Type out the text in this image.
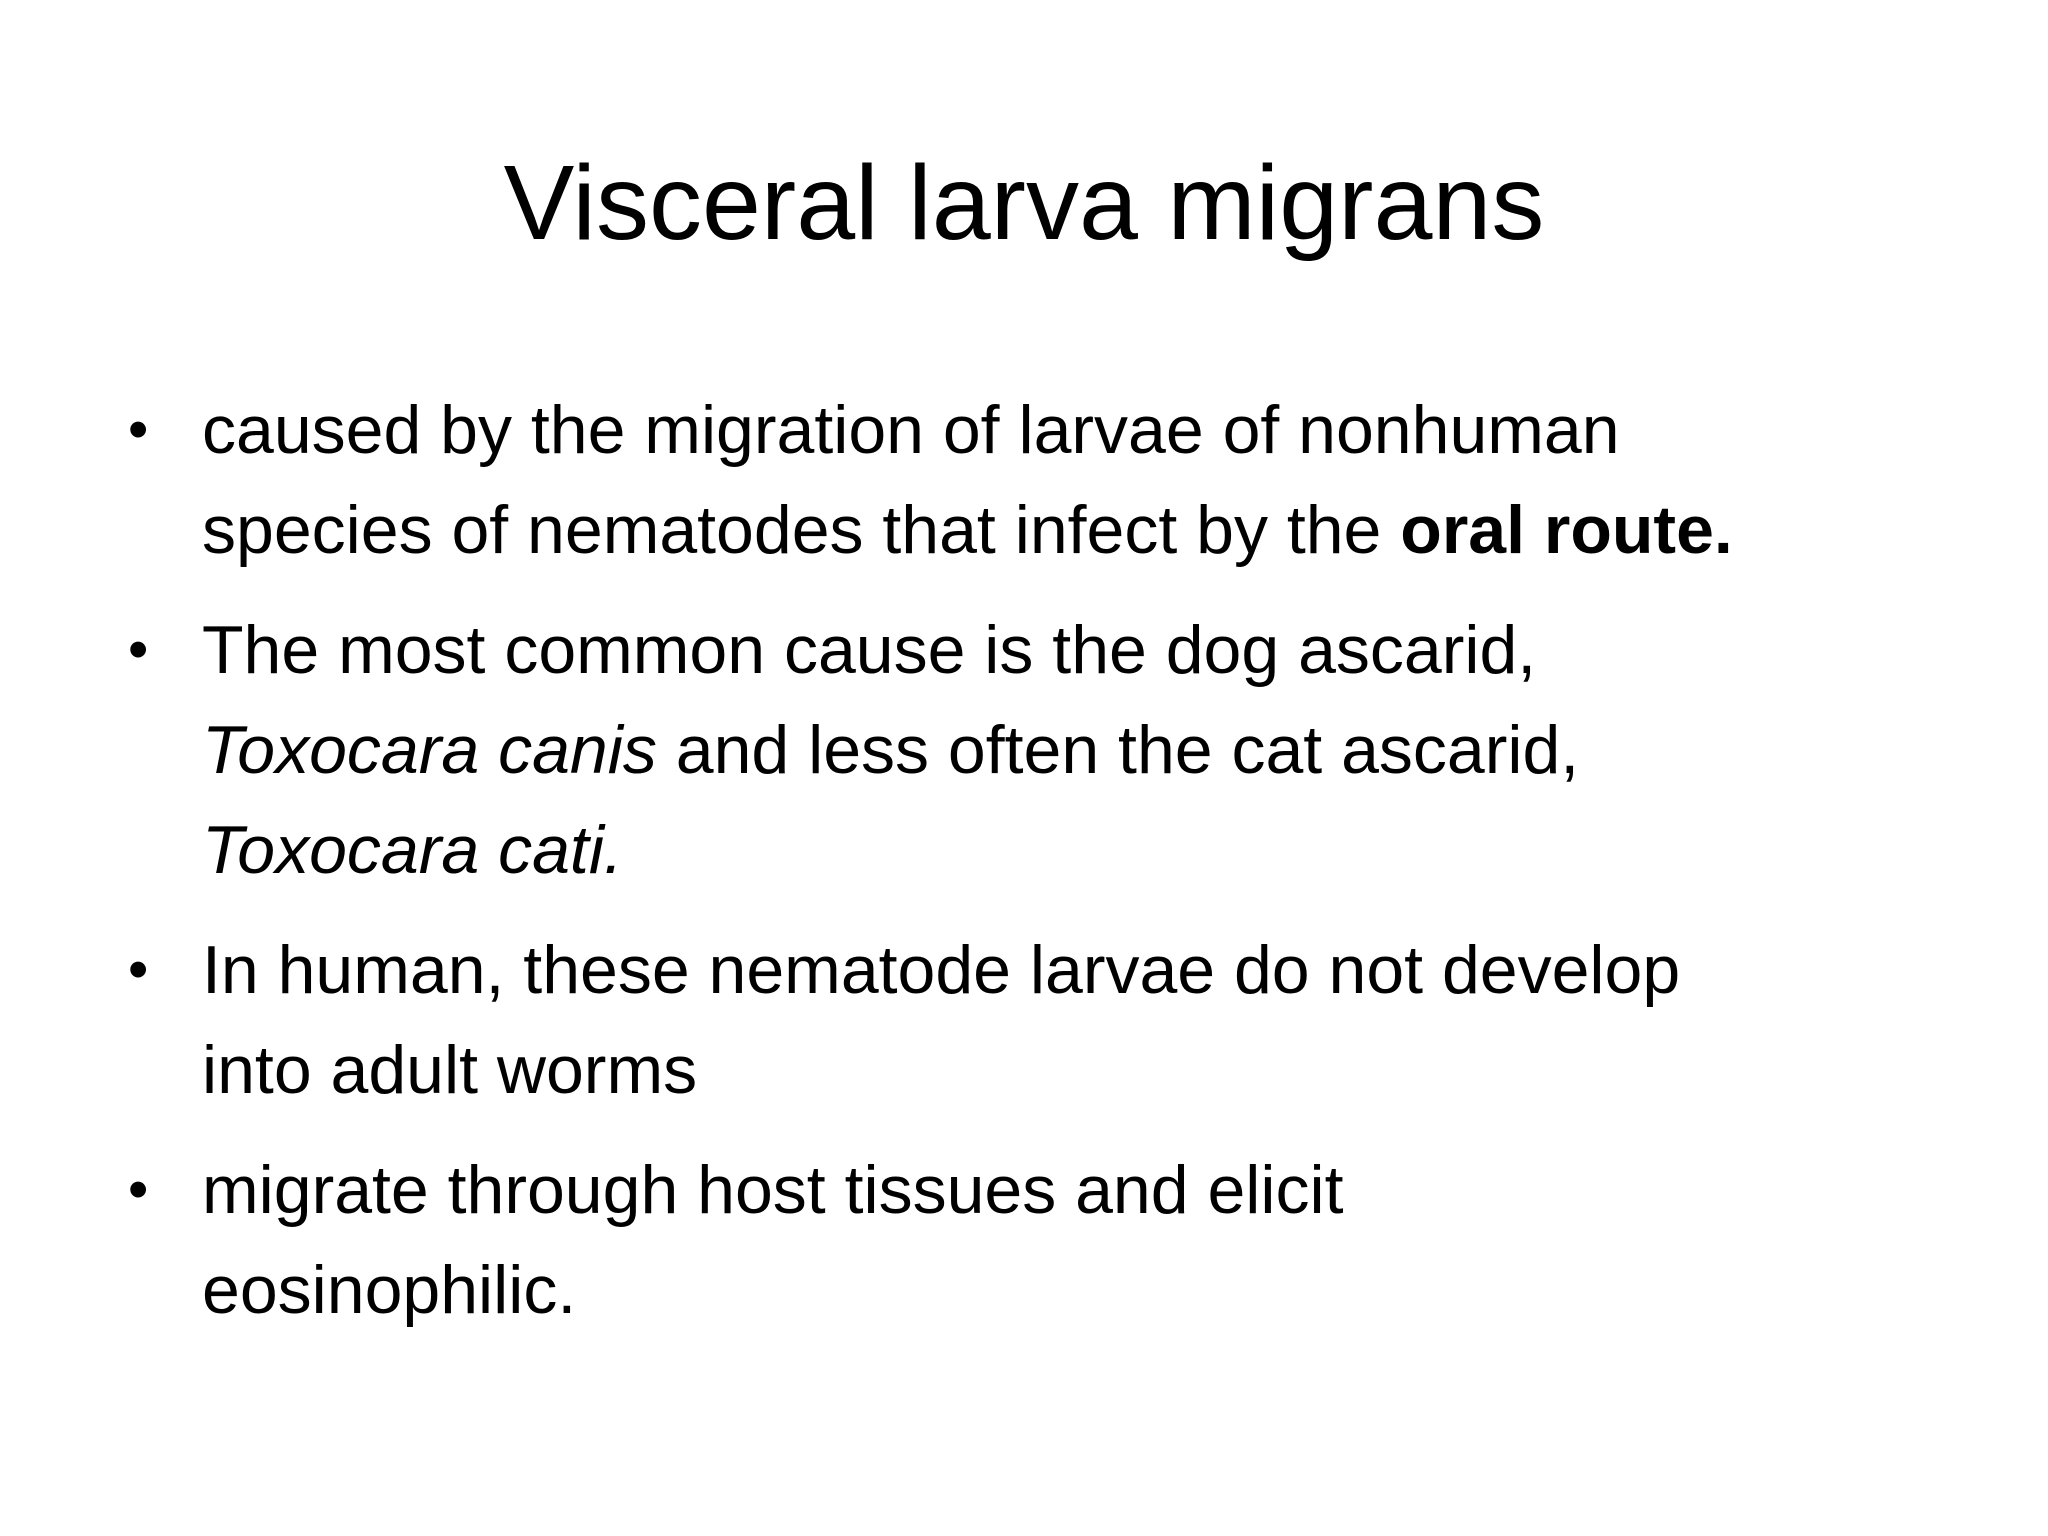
Visceral larva migrans
• caused by the migration of larvae of nonhuman
species of nematodes that infect by the oral route.
• The most common cause is the dog ascarid,
Toxocara canis and less often the cat ascarid,
Toxocara cati.
• In human, these nematode larvae do not develop
into adult worms
• migrate through host tissues and elicit
eosinophilic.
